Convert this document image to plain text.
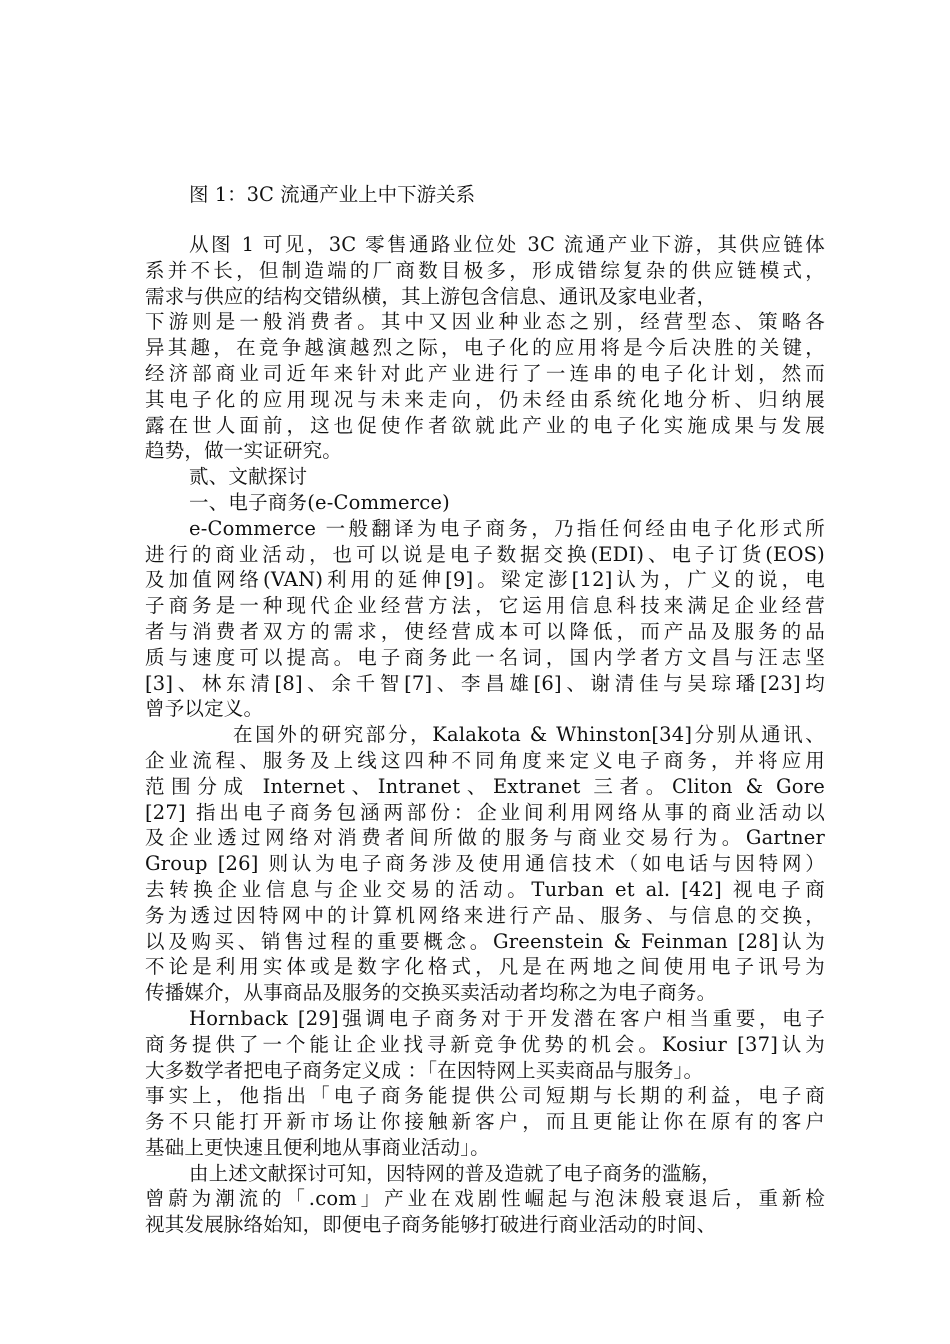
图 1：3C 流通产业上中下游关系
从图 1 可见，3C 零售通路业位处 3C 流通产业下游，其供应链体
系并不长，但制造端的厂商数目极多，形成错综复杂的供应链模式，
需求与供应的结构交错纵横，其上游包含信息、通讯及家电业者，
下游则是一般消费者。其中又因业种业态之别，经营型态、策略各
异其趣，在竞争越演越烈之际，电子化的应用将是今后决胜的关键，
经济部商业司近年来针对此产业进行了一连串的电子化计划，然而
其电子化的应用现况与未来走向，仍未经由系统化地分析、归纳展
露在世人面前，这也促使作者欲就此产业的电子化实施成果与发展
趋势，做一实证研究。
贰、文献探讨
一、电子商务(e-Commerce)
e-Commerce 一般翻译为电子商务，乃指任何经由电子化形式所
进行的商业活动，也可以说是电子数据交换(EDI)、电子订货(EOS)
及加值网络(VAN)利用的延伸[9]。梁定澎[12]认为，广义的说，电
子商务是一种现代企业经营方法，它运用信息科技来满足企业经营
者与消费者双方的需求，使经营成本可以降低，而产品及服务的品
质与速度可以提高。电子商务此一名词，国内学者方文昌与汪志坚
[3]、林东清[8]、余千智[7]、李昌雄[6]、谢清佳与吴琮璠[23]均
曾予以定义。
在国外的研究部分，Kalakota & Whinston[34]分别从通讯、
企业流程、服务及上线这四种不同角度来定义电子商务，并将应用
范围分成 Internet、Intranet、Extranet 三者。Cliton & Gore
[27] 指出电子商务包涵两部份：企业间利用网络从事的商业活动以
及企业透过网络对消费者间所做的服务与商业交易行为。Gartner
Group [26] 则认为电子商务涉及使用通信技术（如电话与因特网）
去转换企业信息与企业交易的活动。Turban et al. [42] 视电子商
务为透过因特网中的计算机网络来进行产品、服务、与信息的交换，
以及购买、销售过程的重要概念。Greenstein & Feinman [28]认为
不论是利用实体或是数字化格式，凡是在两地之间使用电子讯号为
传播媒介，从事商品及服务的交换买卖活动者均称之为电子商务。
Hornback [29]强调电子商务对于开发潜在客户相当重要，电子
商务提供了一个能让企业找寻新竞争优势的机会。Kosiur [37]认为
大多数学者把电子商务定义成 ：「在因特网上买卖商品与服务」。
事实上，他指出「电子商务能提供公司短期与长期的利益，电子商
务不只能打开新市场让你接触新客户，而且更能让你在原有的客户
基础上更快速且便利地从事商业活动」。
由上述文献探讨可知，因特网的普及造就了电子商务的滥觞，
曾蔚为潮流的「.com」产业在戏剧性崛起与泡沫般衰退后，重新检
视其发展脉络始知，即便电子商务能够打破进行商业活动的时间、
